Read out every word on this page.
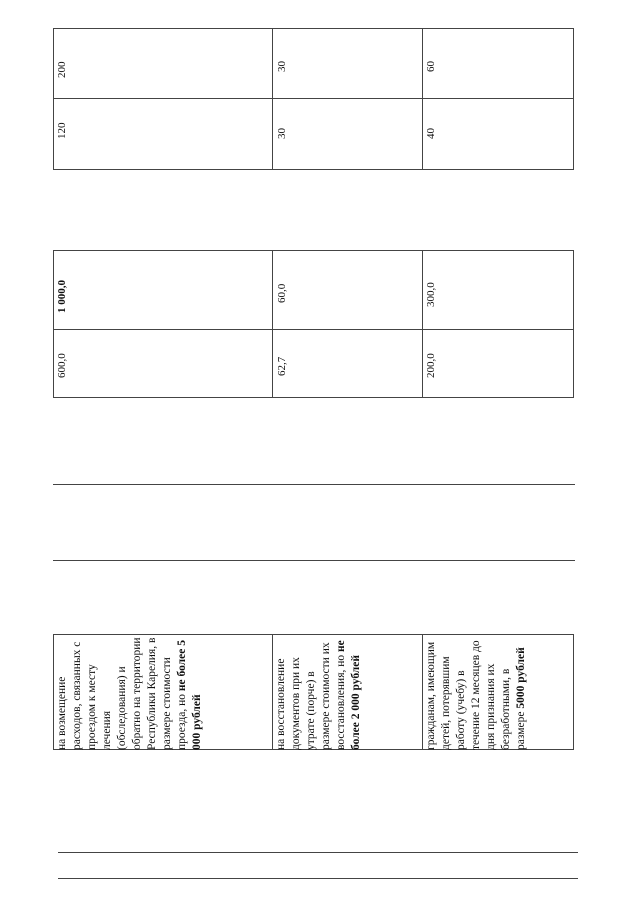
200	30	60
120	30	40
1 000,0	60,0	300,0
600,0	62,7	200,0
на возмещение расходов, связанных с проездом к месту лечения (обследования) и обратно на территории Республики Карелия, в размере стоимости проезда, но не более 5 000 рублей	на восстановление документов при их утрате (порче) в размере стоимости их восстановления, но не более 2 000 рублей	гражданам, имеющим детей, потерявшим работу (учебу) в течение 12 месяцев до дня признания их безработными, в размере 5000 рублей
